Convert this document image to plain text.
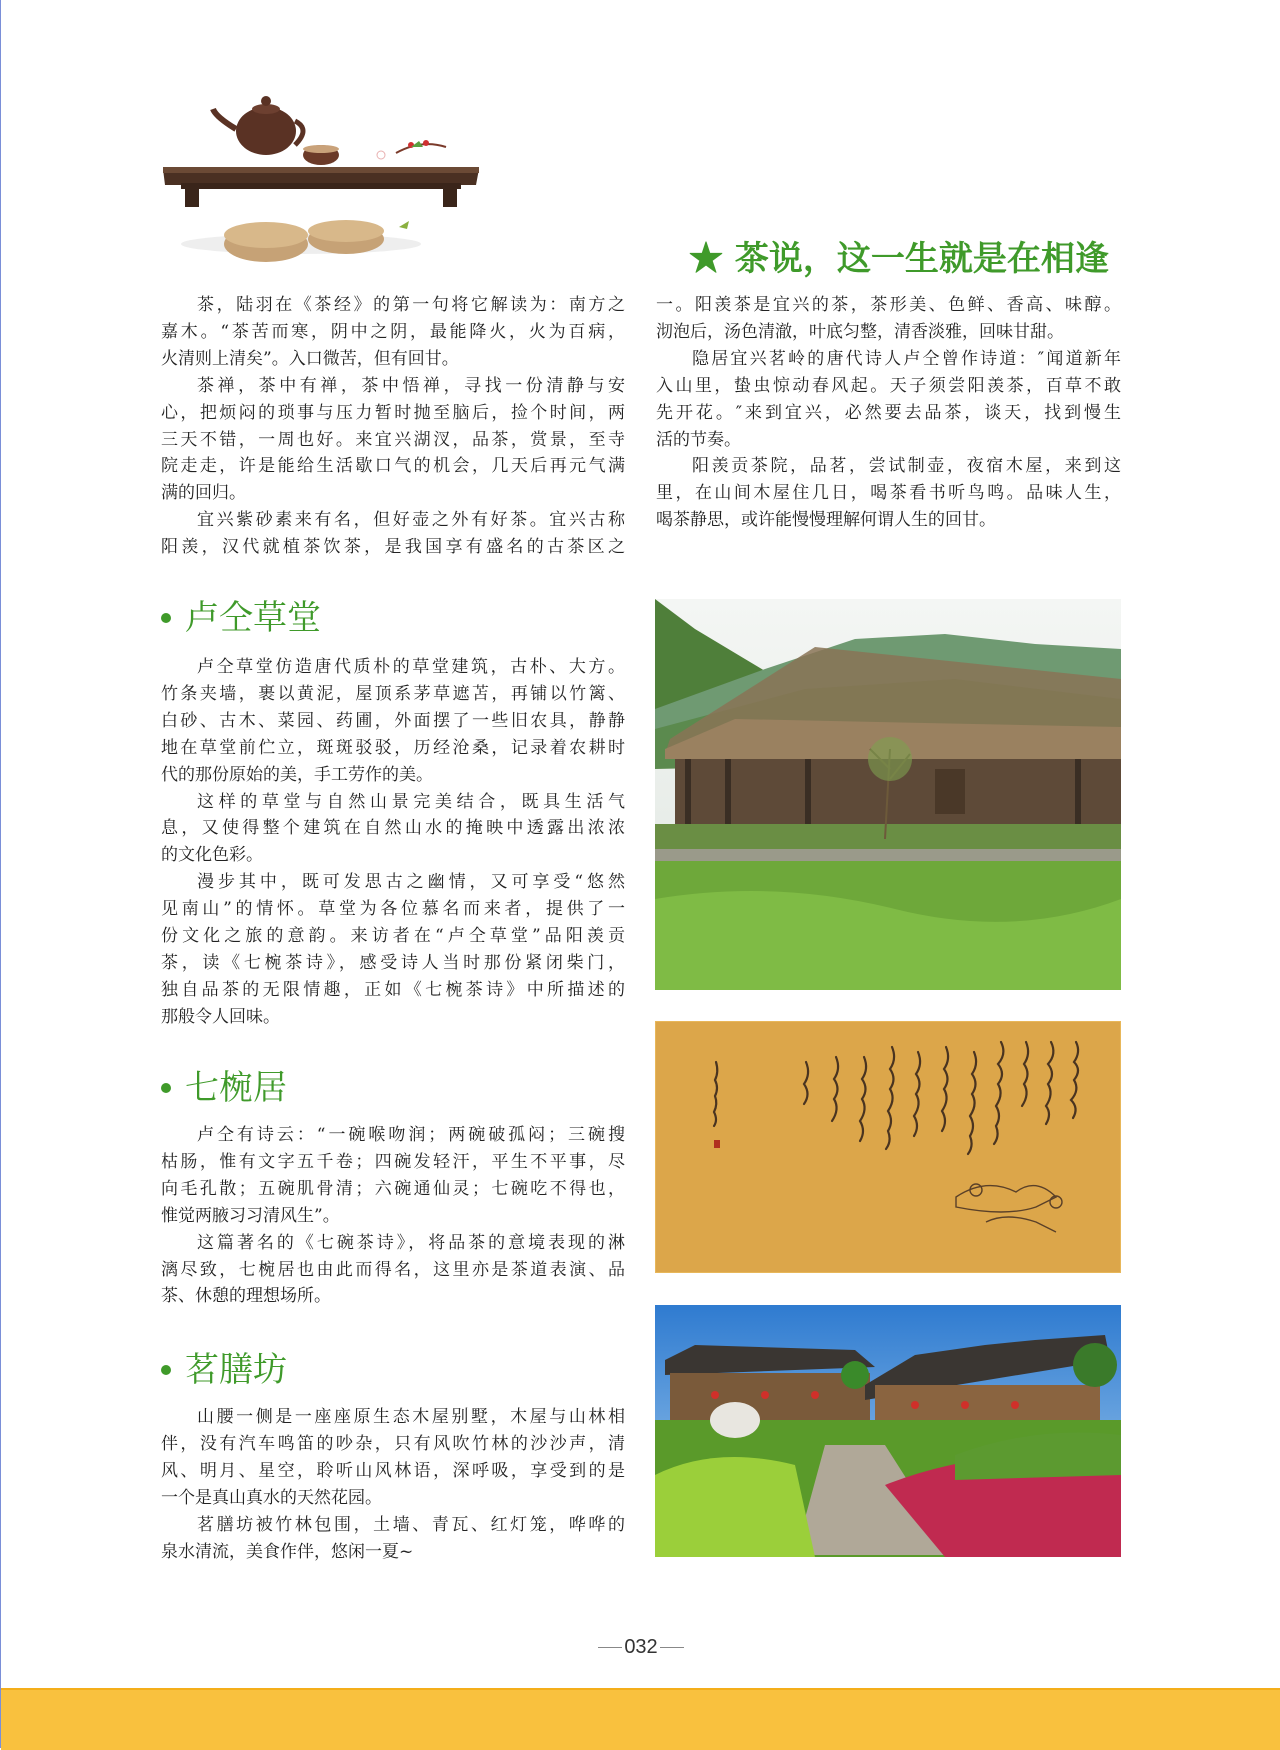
★ 茶说，这一生就是在相逢
茶，陆羽在《茶经》的第一句将它解读为：南方之
嘉木。“茶苦而寒，阴中之阴，最能降火，火为百病，
火清则上清矣”。入口微苦，但有回甘。
茶禅，茶中有禅，茶中悟禅，寻找一份清静与安
心，把烦闷的琐事与压力暂时抛至脑后，捡个时间，两
三天不错，一周也好。来宜兴湖汊，品茶，赏景，至寺
院走走，许是能给生活歇口气的机会，几天后再元气满
满的回归。
宜兴紫砂素来有名，但好壶之外有好茶。宜兴古称
阳羡，汉代就植茶饮茶，是我国享有盛名的古茶区之
一。阳羡茶是宜兴的茶，茶形美、色鲜、香高、味醇。
沏泡后，汤色清澈，叶底匀整，清香淡雅，回味甘甜。
隐居宜兴茗岭的唐代诗人卢仝曾作诗道：″闻道新年
入山里，蛰虫惊动春风起。天子须尝阳羡茶，百草不敢
先开花。″来到宜兴，必然要去品茶，谈天，找到慢生
活的节奏。
阳羡贡茶院，品茗，尝试制壶，夜宿木屋，来到这
里，在山间木屋住几日，喝茶看书听鸟鸣。品味人生，
喝茶静思，或许能慢慢理解何谓人生的回甘。
卢仝草堂
卢仝草堂仿造唐代质朴的草堂建筑，古朴、大方。
竹条夹墙，裹以黄泥，屋顶系茅草遮苫，再铺以竹篱、
白砂、古木、菜园、药圃，外面摆了一些旧农具，静静
地在草堂前伫立，斑斑驳驳，历经沧桑，记录着农耕时
代的那份原始的美，手工劳作的美。
这样的草堂与自然山景完美结合，既具生活气
息，又使得整个建筑在自然山水的掩映中透露出浓浓
的文化色彩。
漫步其中，既可发思古之幽情，又可享受“悠然
见南山”的情怀。草堂为各位慕名而来者，提供了一
份文化之旅的意韵。来访者在“卢仝草堂”品阳羡贡
茶，读《七椀茶诗》，感受诗人当时那份紧闭柴门，
独自品茶的无限情趣，正如《七椀茶诗》中所描述的
那般令人回味。
七椀居
卢仝有诗云：“一碗喉吻润；两碗破孤闷；三碗搜
枯肠，惟有文字五千卷；四碗发轻汗，平生不平事，尽
向毛孔散；五碗肌骨清；六碗通仙灵；七碗吃不得也，
惟觉两腋习习清风生”。
这篇著名的《七碗茶诗》，将品茶的意境表现的淋
漓尽致，七椀居也由此而得名，这里亦是茶道表演、品
茶、休憩的理想场所。
茗膳坊
山腰一侧是一座座原生态木屋别墅，木屋与山林相
伴，没有汽车鸣笛的吵杂，只有风吹竹林的沙沙声，清
风、明月、星空，聆听山风林语，深呼吸，享受到的是
一个是真山真水的天然花园。
茗膳坊被竹林包围，土墙、青瓦、红灯笼，哗哗的
泉水清流，美食作伴，悠闲一夏~
032
